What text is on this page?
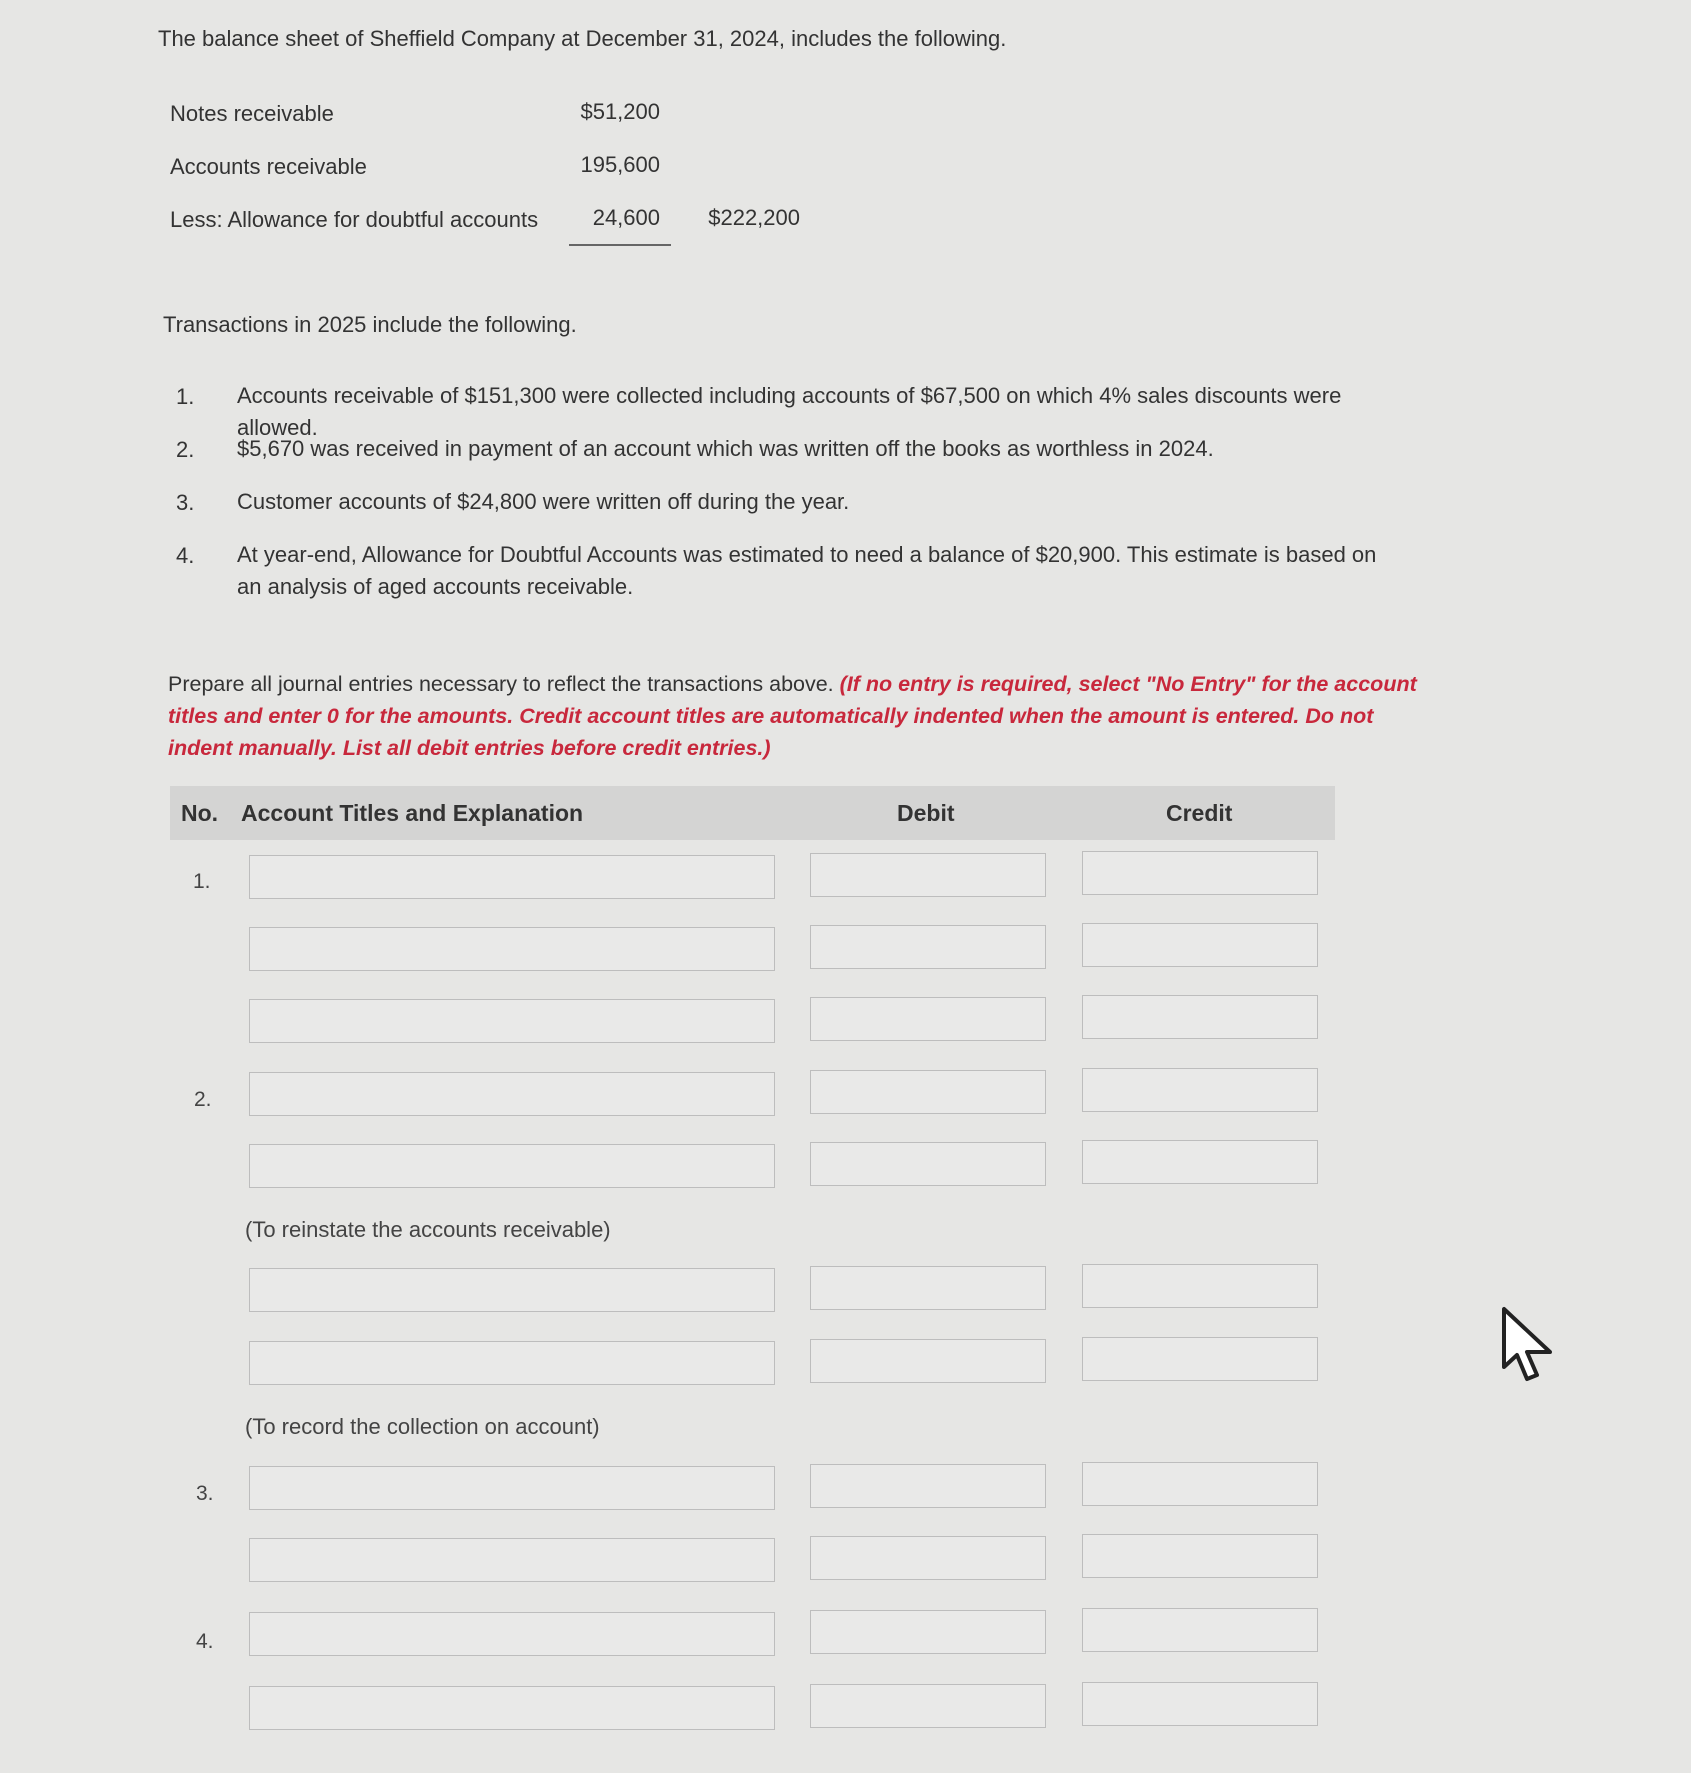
The balance sheet of Sheffield Company at December 31, 2024, includes the following.
Notes receivable	$51,200
Accounts receivable	195,600
Less: Allowance for doubtful accounts	24,600	$222,200
Transactions in 2025 include the following.
1. Accounts receivable of $151,300 were collected including accounts of $67,500 on which 4% sales discounts were allowed.
2. $5,670 was received in payment of an account which was written off the books as worthless in 2024.
3. Customer accounts of $24,800 were written off during the year.
4. At year-end, Allowance for Doubtful Accounts was estimated to need a balance of $20,900. This estimate is based on an analysis of aged accounts receivable.
Prepare all journal entries necessary to reflect the transactions above. (If no entry is required, select "No Entry" for the account titles and enter 0 for the amounts. Credit account titles are automatically indented when the amount is entered. Do not indent manually. List all debit entries before credit entries.)
No. Account Titles and Explanation	Debit	Credit
1.
2.
(To reinstate the accounts receivable)
(To record the collection on account)
3.
4.
